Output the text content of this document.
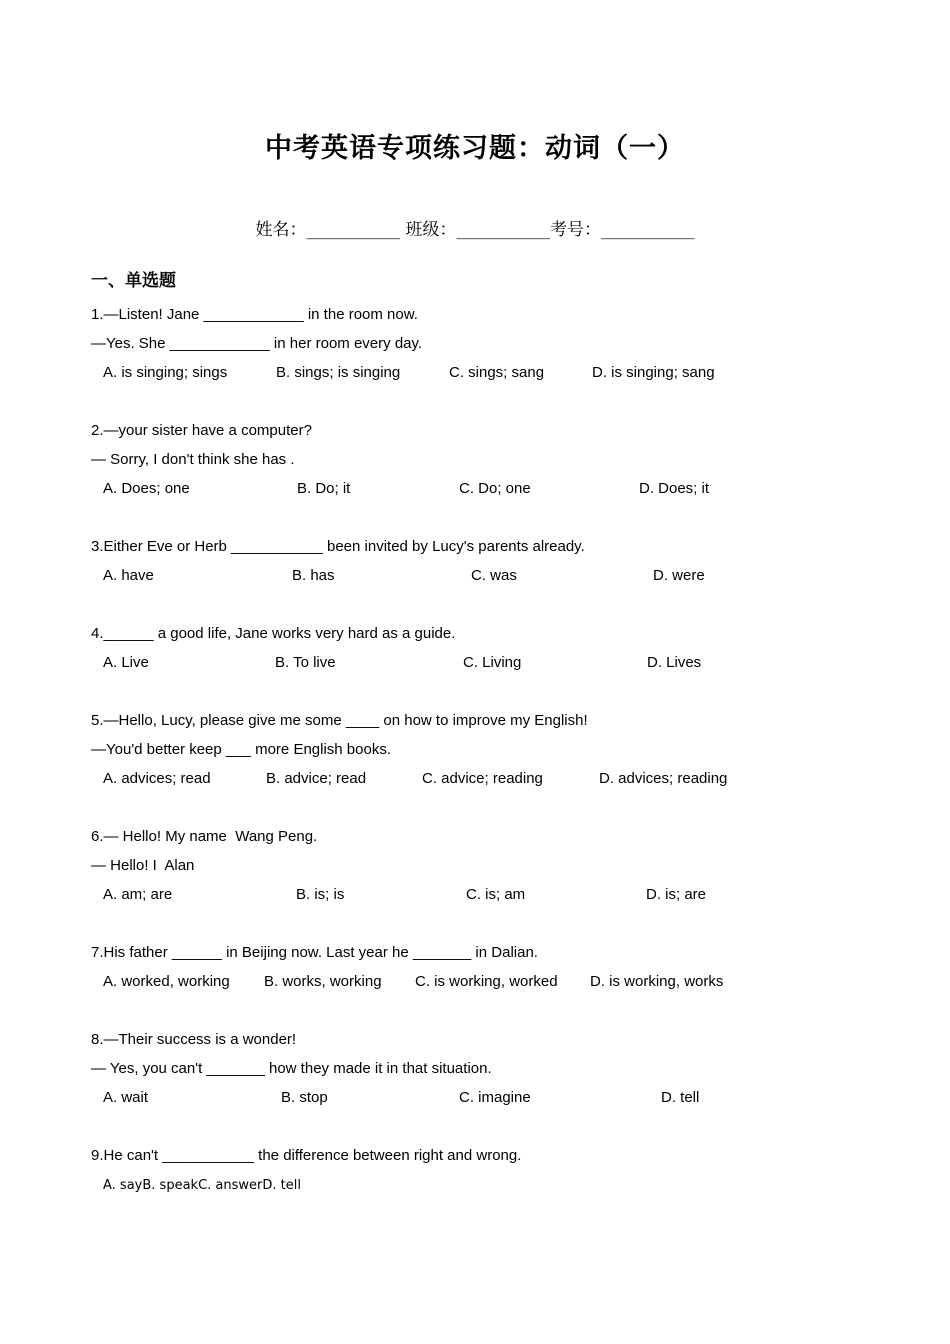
中考英语专项练习题：动词（一）
姓名：___________ 班级：___________考号：___________
一、单选题
1.—Listen! Jane ____________ in the room now.
—Yes. She ____________ in her room every day.
A. is singing; sings	B. sings; is singing	C. sings; sang	D. is singing; sang
2.—your sister have a computer?
— Sorry, I don't think she has .
A. Does; one	B. Do; it	C. Do; one	D. Does; it
3.Either Eve or Herb ___________ been invited by Lucy's parents already.
A. have	B. has	C. was	D. were
4.______ a good life, Jane works very hard as a guide.
A. Live	B. To live	C. Living	D. Lives
5.—Hello, Lucy, please give me some ____ on how to improve my English!
—You'd better keep ___ more English books.
A. advices; read	B. advice; read	C. advice; reading	D. advices; reading
6.— Hello! My name  Wang Peng.
— Hello! I  Alan
A. am; are	B. is; is	C. is; am	D. is; are
7.His father ______ in Beijing now. Last year he _______ in Dalian.
A. worked, working B. works, working C. is working, worked D. is working, works
8.—Their success is a wonder!
— Yes, you can't _______ how they made it in that situation.
A. wait	B. stop	C. imagine	D. tell
9.He can't ___________ the difference between right and wrong.
A. sayB. speakC. answerD. tell
